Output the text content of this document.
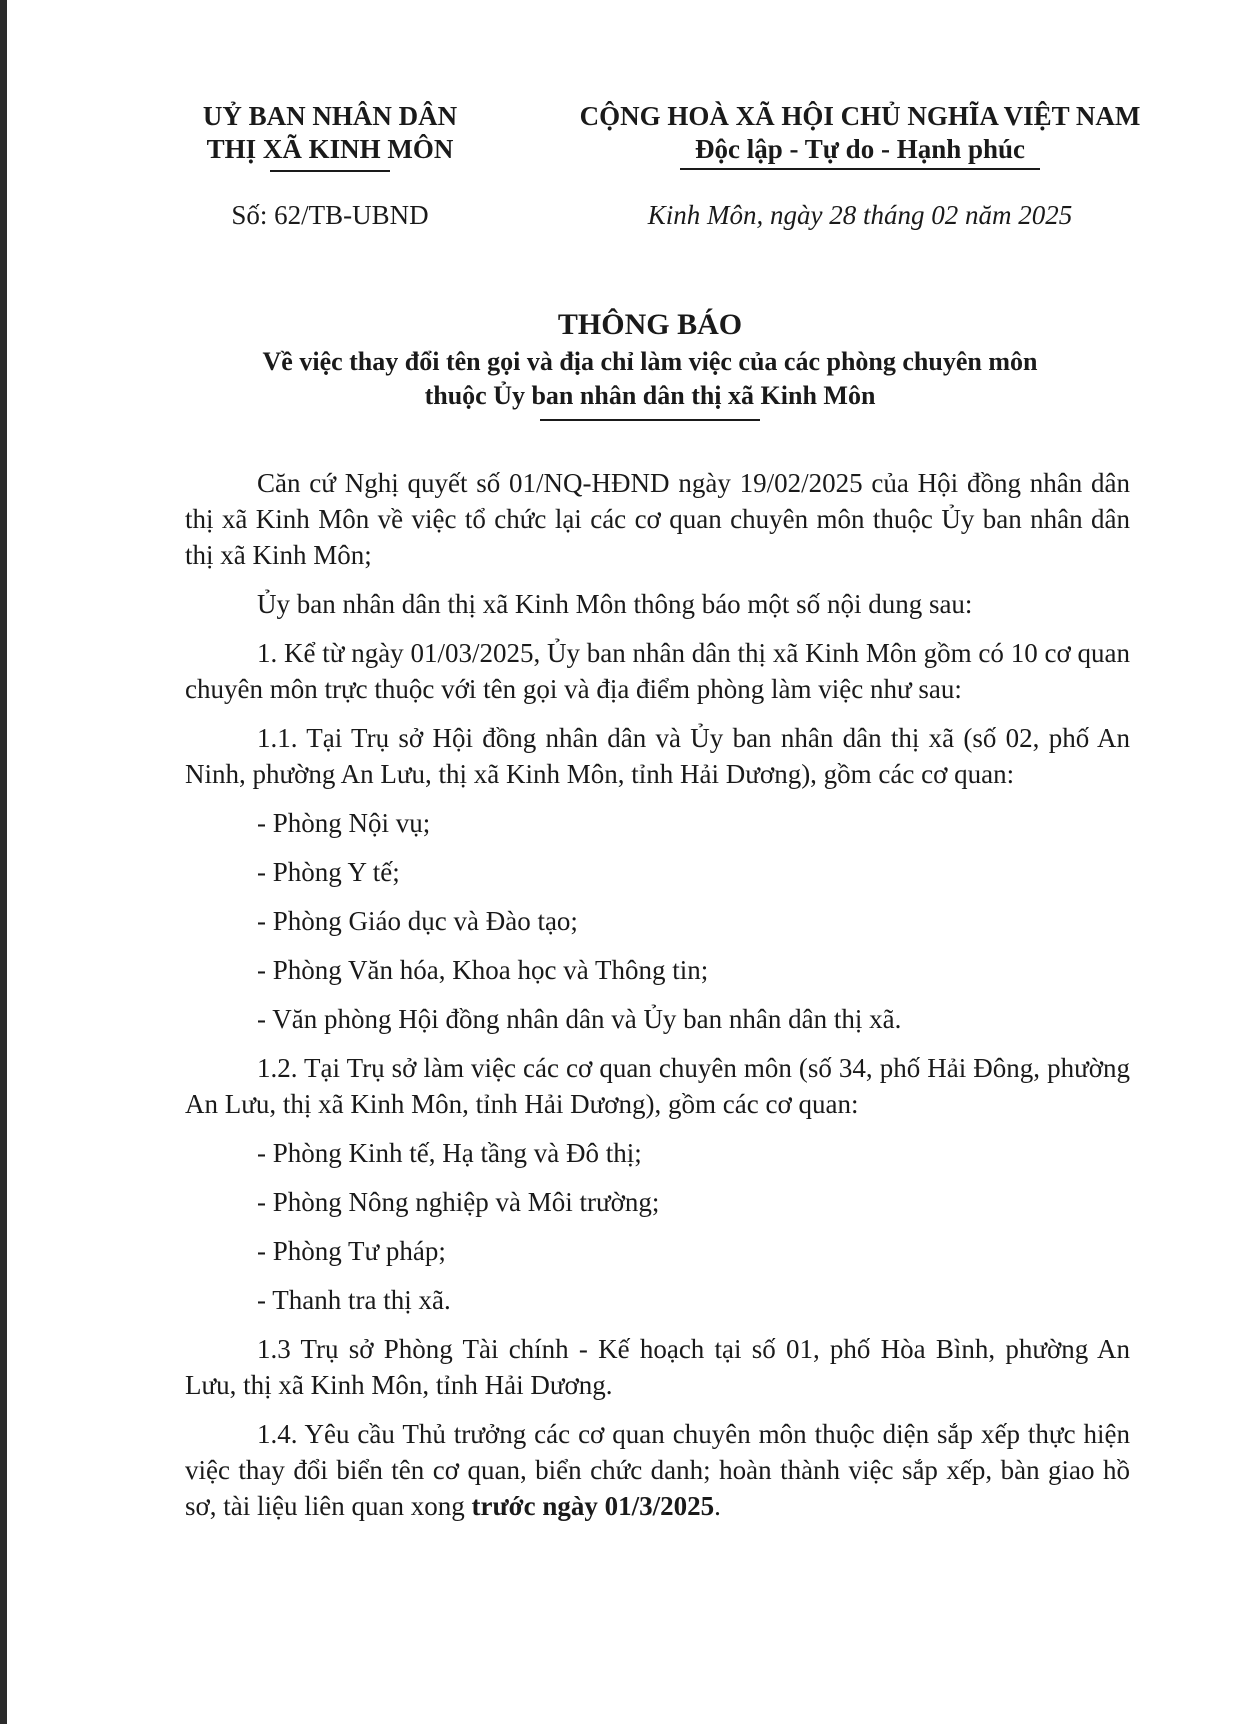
UỶ BAN NHÂN DÂN
THỊ XÃ KINH MÔN
CỘNG HOÀ XÃ HỘI CHỦ NGHĨA VIỆT NAM
Độc lập - Tự do - Hạnh phúc
Số: 62/TB-UBND	Kinh Môn, ngày 28 tháng 02 năm 2025
THÔNG BÁO
Về việc thay đổi tên gọi và địa chỉ làm việc của các phòng chuyên môn
thuộc Ủy ban nhân dân thị xã Kinh Môn

Căn cứ Nghị quyết số 01/NQ-HĐND ngày 19/02/2025 của Hội đồng nhân dân thị xã Kinh Môn về việc tổ chức lại các cơ quan chuyên môn thuộc Ủy ban nhân dân thị xã Kinh Môn;

Ủy ban nhân dân thị xã Kinh Môn thông báo một số nội dung sau:

1. Kể từ ngày 01/03/2025, Ủy ban nhân dân thị xã Kinh Môn gồm có 10 cơ quan chuyên môn trực thuộc với tên gọi và địa điểm phòng làm việc như sau:

1.1. Tại Trụ sở Hội đồng nhân dân và Ủy ban nhân dân thị xã (số 02, phố An Ninh, phường An Lưu, thị xã Kinh Môn, tỉnh Hải Dương), gồm các cơ quan:

- Phòng Nội vụ;

- Phòng Y tế;

- Phòng Giáo dục và Đào tạo;

- Phòng Văn hóa, Khoa học và Thông tin;

- Văn phòng Hội đồng nhân dân và Ủy ban nhân dân thị xã.

1.2. Tại Trụ sở làm việc các cơ quan chuyên môn (số 34, phố Hải Đông, phường An Lưu, thị xã Kinh Môn, tỉnh Hải Dương), gồm các cơ quan:

- Phòng Kinh tế, Hạ tầng và Đô thị;

- Phòng Nông nghiệp và Môi trường;

- Phòng Tư pháp;

- Thanh tra thị xã.

1.3 Trụ sở Phòng Tài chính - Kế hoạch tại số 01, phố Hòa Bình, phường An Lưu, thị xã Kinh Môn, tỉnh Hải Dương.

1.4. Yêu cầu Thủ trưởng các cơ quan chuyên môn thuộc diện sắp xếp thực hiện việc thay đổi biển tên cơ quan, biển chức danh; hoàn thành việc sắp xếp, bàn giao hồ sơ, tài liệu liên quan xong trước ngày 01/3/2025.
